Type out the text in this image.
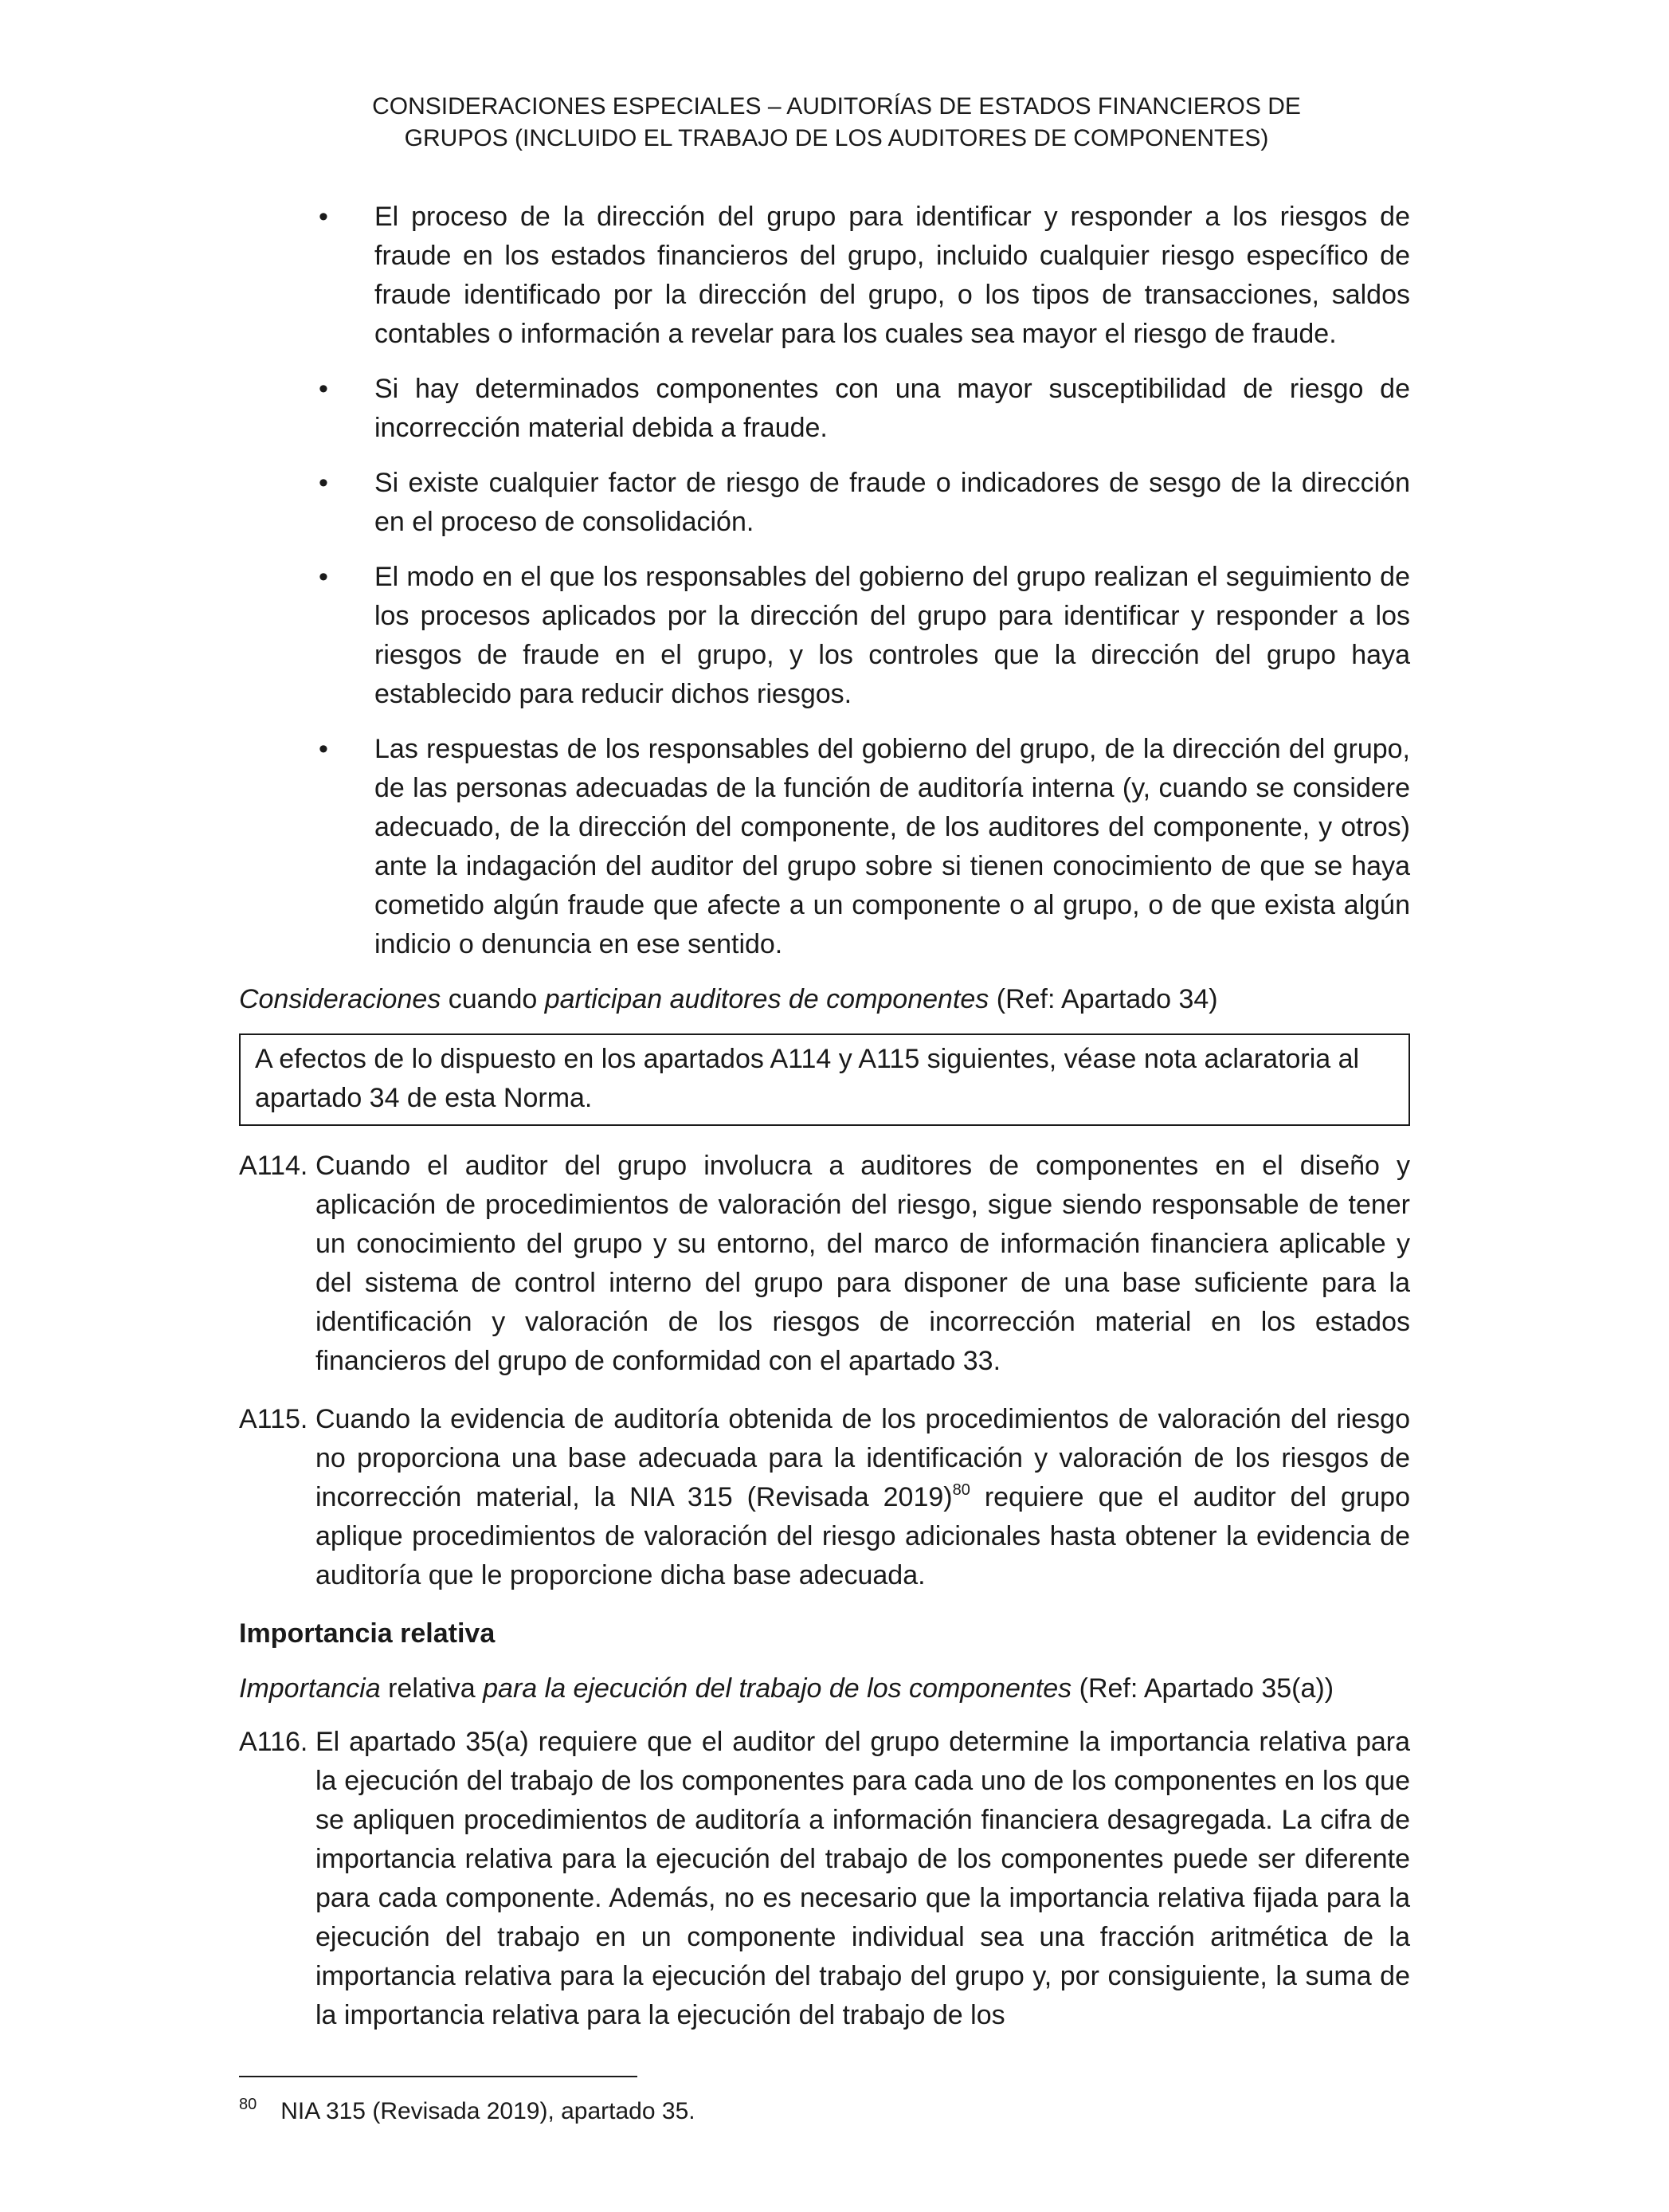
CONSIDERACIONES ESPECIALES – AUDITORÍAS DE ESTADOS FINANCIEROS DE
GRUPOS (INCLUIDO EL TRABAJO DE LOS AUDITORES DE COMPONENTES)
• El proceso de la dirección del grupo para identificar y responder a los riesgos de fraude en los estados financieros del grupo, incluido cualquier riesgo específico de fraude identificado por la dirección del grupo, o los tipos de transacciones, saldos contables o información a revelar para los cuales sea mayor el riesgo de fraude.
• Si hay determinados componentes con una mayor susceptibilidad de riesgo de incorrección material debida a fraude.
• Si existe cualquier factor de riesgo de fraude o indicadores de sesgo de la dirección en el proceso de consolidación.
• El modo en el que los responsables del gobierno del grupo realizan el seguimiento de los procesos aplicados por la dirección del grupo para identificar y responder a los riesgos de fraude en el grupo, y los controles que la dirección del grupo haya establecido para reducir dichos riesgos.
• Las respuestas de los responsables del gobierno del grupo, de la dirección del grupo, de las personas adecuadas de la función de auditoría interna (y, cuando se considere adecuado, de la dirección del componente, de los auditores del componente, y otros) ante la indagación del auditor del grupo sobre si tienen conocimiento de que se haya cometido algún fraude que afecte a un componente o al grupo, o de que exista algún indicio o denuncia en ese sentido.
Consideraciones cuando participan auditores de componentes (Ref: Apartado 34)
A efectos de lo dispuesto en los apartados A114 y A115 siguientes, véase nota aclaratoria al apartado 34 de esta Norma.
A114. Cuando el auditor del grupo involucra a auditores de componentes en el diseño y aplicación de procedimientos de valoración del riesgo, sigue siendo responsable de tener un conocimiento del grupo y su entorno, del marco de información financiera aplicable y del sistema de control interno del grupo para disponer de una base suficiente para la identificación y valoración de los riesgos de incorrección material en los estados financieros del grupo de conformidad con el apartado 33.
A115. Cuando la evidencia de auditoría obtenida de los procedimientos de valoración del riesgo no proporciona una base adecuada para la identificación y valoración de los riesgos de incorrección material, la NIA 315 (Revisada 2019)$^{80}$ requiere que el auditor del grupo aplique procedimientos de valoración del riesgo adicionales hasta obtener la evidencia de auditoría que le proporcione dicha base adecuada.
Importancia relativa
Importancia relativa para la ejecución del trabajo de los componentes (Ref: Apartado 35(a))
A116. El apartado 35(a) requiere que el auditor del grupo determine la importancia relativa para la ejecución del trabajo de los componentes para cada uno de los componentes en los que se apliquen procedimientos de auditoría a información financiera desagregada. La cifra de importancia relativa para la ejecución del trabajo de los componentes puede ser diferente para cada componente. Además, no es necesario que la importancia relativa fijada para la ejecución del trabajo en un componente individual sea una fracción aritmética de la importancia relativa para la ejecución del trabajo del grupo y, por consiguiente, la suma de la importancia relativa para la ejecución del trabajo de los
$^{80}$ NIA 315 (Revisada 2019), apartado 35.
